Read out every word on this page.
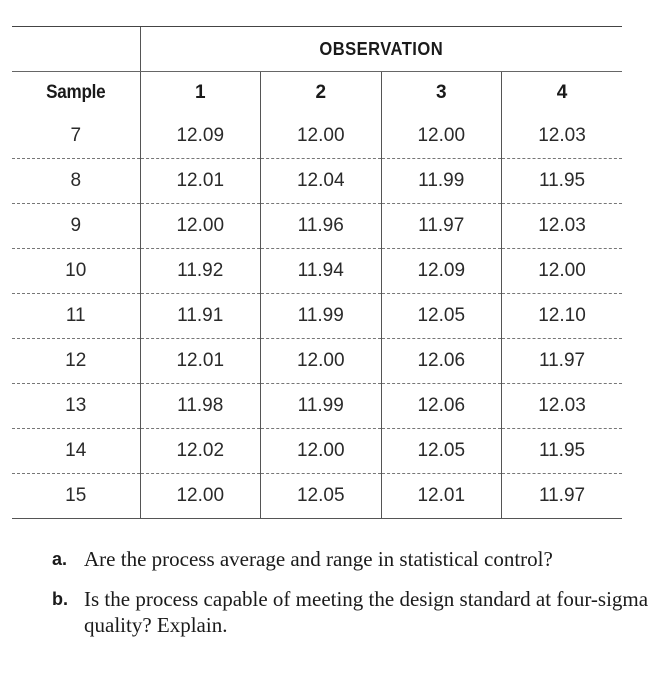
	OBSERVATION			
Sample	1	2	3	4
7	12.09	12.00	12.00	12.03
8	12.01	12.04	11.99	11.95
9	12.00	11.96	11.97	12.03
10	11.92	11.94	12.09	12.00
11	11.91	11.99	12.05	12.10
12	12.01	12.00	12.06	11.97
13	11.98	11.99	12.06	12.03
14	12.02	12.00	12.05	11.95
15	12.00	12.05	12.01	11.97
a. Are the process average and range in statistical control?
b. Is the process capable of meeting the design standard at four-sigma quality? Explain.
